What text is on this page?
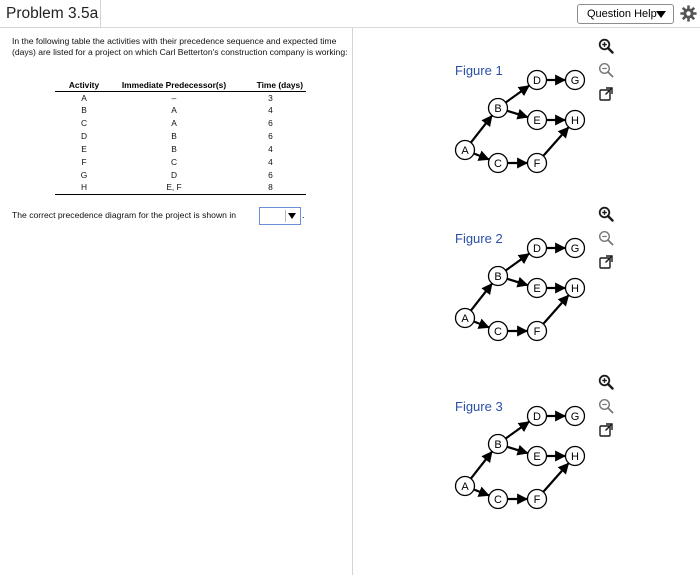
Problem 3.5a	Question Help

In the following table the activities with their precedence sequence and expected time (days) are listed for a project on which Carl Betterton's construction company is working:

Activity	Immediate Predecessor(s)	Time (days)
A	–	3
B	A	4
C	A	6
D	B	6
E	B	4
F	C	4
G	D	6
H	E, F	8
The correct precedence diagram for the project is shown in	.
A
B
C
D
E
F
G
H
Figure 1
A
B
C
D
E
F
G
H
Figure 2
A
B
C
D
E
F
G
H
Figure 3
